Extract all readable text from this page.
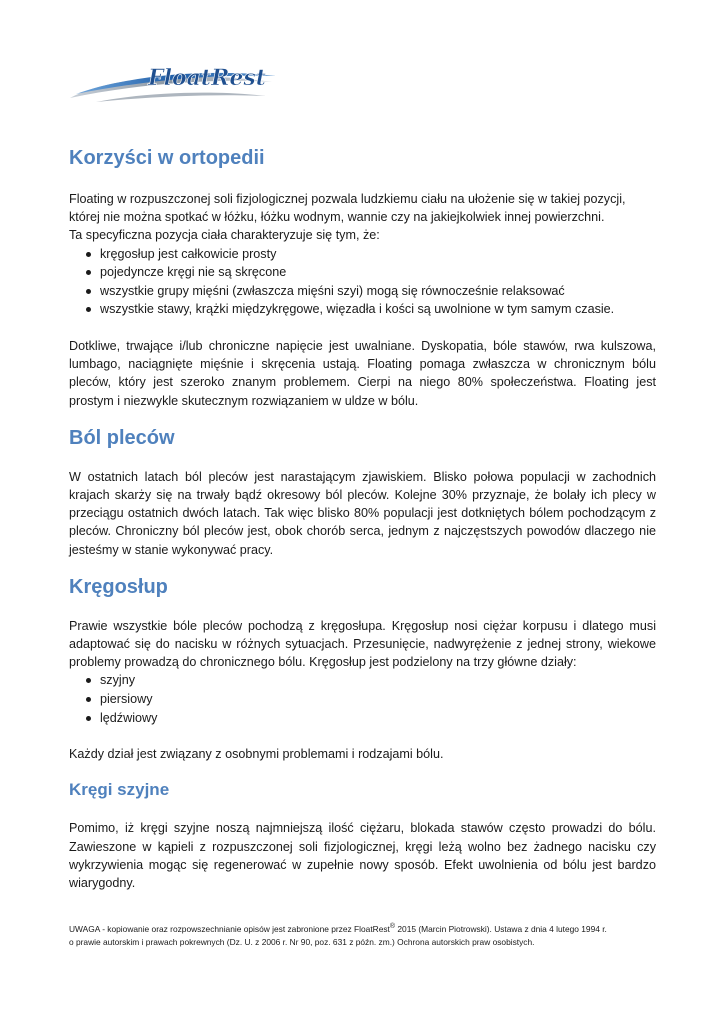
FloatRest
Korzyści w ortopedii

Floating w rozpuszczonej soli fizjologicznej pozwala ludzkiemu ciału na ułożenie się w takiej pozycji, której nie można spotkać w łóżku, łóżku wodnym, wannie czy na jakiejkolwiek innej powierzchni.

Ta specyficzna pozycja ciała charakteryzuje się tym, że:

kręgosłup jest całkowicie prosty
pojedyncze kręgi nie są skręcone
wszystkie grupy mięśni (zwłaszcza mięśni szyi) mogą się równocześnie relaksować
wszystkie stawy, krążki międzykręgowe, więzadła i kości są uwolnione w tym samym czasie.

Dotkliwe, trwające i/lub chroniczne napięcie jest uwalniane. Dyskopatia, bóle stawów, rwa kulszowa, lumbago, naciągnięte mięśnie i skręcenia ustają. Floating pomaga zwłaszcza w chronicznym bólu pleców, który jest szeroko znanym problemem. Cierpi na niego 80% społeczeństwa. Floating jest prostym i niezwykle skutecznym rozwiązaniem w uldze w bólu.

Ból pleców

W ostatnich latach ból pleców jest narastającym zjawiskiem. Blisko połowa populacji w zachodnich krajach skarży się na trwały bądź okresowy ból pleców. Kolejne 30% przyznaje, że bolały ich plecy w przeciągu ostatnich dwóch latach. Tak więc blisko 80% populacji jest dotkniętych bólem pochodzącym z pleców. Chroniczny ból pleców jest, obok chorób serca, jednym z najczęstszych powodów dlaczego nie jesteśmy w stanie wykonywać pracy.

Kręgosłup

Prawie wszystkie bóle pleców pochodzą z kręgosłupa. Kręgosłup nosi ciężar korpusu i dlatego musi adaptować się do nacisku w różnych sytuacjach. Przesunięcie, nadwyrężenie z jednej strony, wiekowe problemy prowadzą do chronicznego bólu. Kręgosłup jest podzielony na trzy główne działy:

szyjny
piersiowy
lędźwiowy

Każdy dział jest związany z osobnymi problemami i rodzajami bólu.

Kręgi szyjne

Pomimo, iż kręgi szyjne noszą najmniejszą ilość ciężaru, blokada stawów często prowadzi do bólu. Zawieszone w kąpieli z rozpuszczonej soli fizjologicznej, kręgi leżą wolno bez żadnego nacisku czy wykrzywienia mogąc się regenerować w zupełnie nowy sposób. Efekt uwolnienia od bólu jest bardzo wiarygodny.

UWAGA - kopiowanie oraz rozpowszechnianie opisów jest zabronione przez FloatRest® 2015 (Marcin Piotrowski). Ustawa z dnia 4 lutego 1994 r.
o prawie autorskim i prawach pokrewnych (Dz. U. z 2006 r. Nr 90, poz. 631 z późn. zm.) Ochrona autorskich praw osobistych.
